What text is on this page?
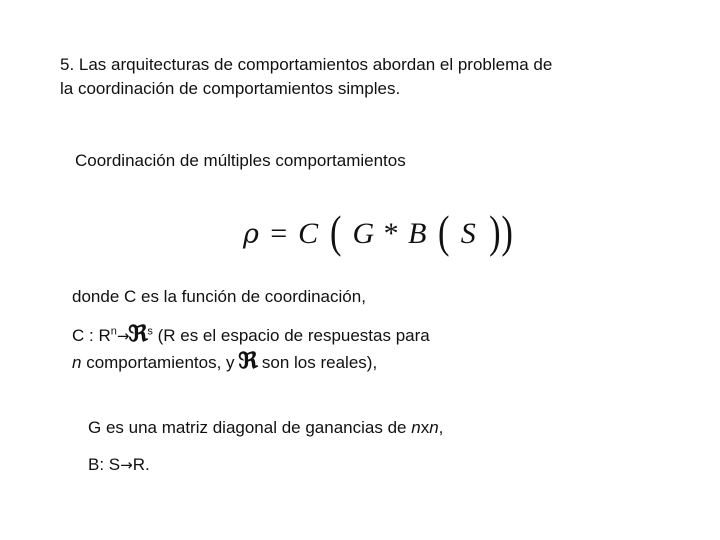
5. Las arquitecturas de comportamientos abordan el problema de
la coordinación de comportamientos simples.
Coordinación de múltiples comportamientos
ρ = C ( G * B ( S ))
donde C es la función de coordinación,
C : $R^n\to ℜ^s$ (R es el espacio de respuestas para
n comportamientos, y ℜ son los reales),
G es una matriz diagonal de ganancias de nxn,
B: S→R.
